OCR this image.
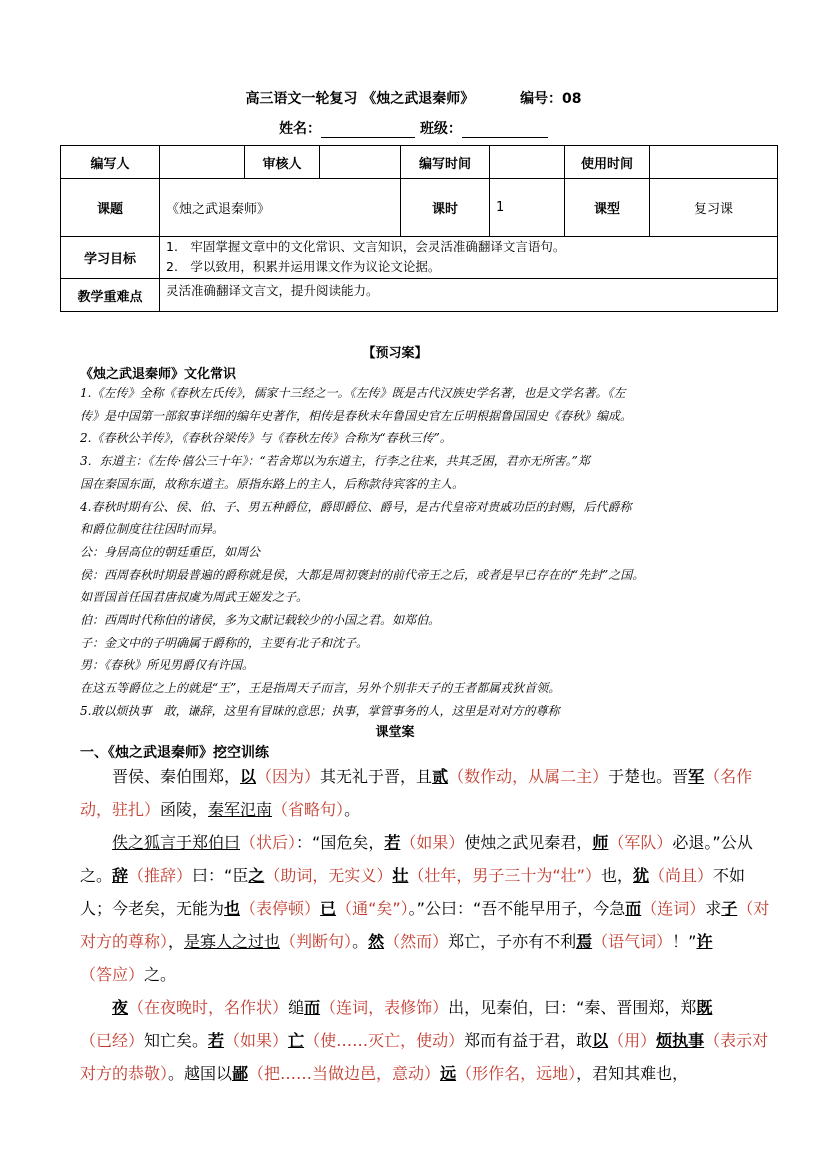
高三语文一轮复习 《烛之武退秦师》	编号：08
姓名：	班级：
编写人		审核人		编写时间		使用时间	
课题	《烛之武退秦师》			课时	1	课型	复习课
学习目标	1.　牢固掌握文章中的文化常识、文言知识，会灵活准确翻译文言语句。
2.　学以致用，积累并运用课文作为议论文论据。						

教学重难点	灵活准确翻译文言文，提升阅读能力。						
【预习案】
《烛之武退秦师》文化常识

1.《左传》全称《春秋左氏传》，儒家十三经之一。《左传》既是古代汉族史学名著，也是文学名著。《左

传》是中国第一部叙事详细的编年史著作，相传是春秋末年鲁国史官左丘明根据鲁国国史《春秋》编成。

2.《春秋公羊传》，《春秋谷梁传》与《春秋左传》合称为“春秋三传”。

3．东道主：《左传·僖公三十年》：“若舍郑以为东道主，行李之往来，共其乏困，君亦无所害。”郑

国在秦国东面，故称东道主。原指东路上的主人，后称款待宾客的主人。

4.春秋时期有公、侯、伯、子、男五种爵位，爵即爵位、爵号，是古代皇帝对贵戚功臣的封赐，后代爵称

和爵位制度往往因时而异。

公：身居高位的朝廷重臣，如周公

侯：西周春秋时期最普遍的爵称就是侯，大都是周初褒封的前代帝王之后，或者是早已存在的“先封”之国。

如晋国首任国君唐叔虞为周武王姬发之子。

伯：西周时代称伯的诸侯，多为文献记载较少的小国之君。如郑伯。

子：金文中的子明确属于爵称的，主要有北子和沈子。

男：《春秋》所见男爵仅有许国。

在这五等爵位之上的就是“王”，王是指周天子而言，另外个别非天子的王者都属戎狄首领。

5.敢以烦执事　敢，谦辞，这里有冒昧的意思；执事，掌管事务的人，这里是对对方的尊称

课堂案
一、《烛之武退秦师》挖空训练

　　晋侯、秦伯围郑，以（因为）其无礼于晋，且贰（数作动，从属二主）于楚也。晋军（名作动，驻扎）函陵，秦军氾南（省略句）。

　　佚之狐言于郑伯曰（状后）：“国危矣，若（如果）使烛之武见秦君，师（军队）必退。”公从之。辞（推辞）曰：“臣之（助词，无实义）壮（壮年，男子三十为“壮”）也，犹（尚且）不如人；今老矣，无能为也（表停顿）已（通“矣”）。”公曰：“吾不能早用子，今急而（连词）求子（对对方的尊称），是寡人之过也（判断句）。然（然而）郑亡，子亦有不利焉（语气词）！”许（答应）之。

　　夜（在夜晚时，名作状）缒而（连词，表修饰）出，见秦伯，曰：“秦、晋围郑，郑既（已经）知亡矣。若（如果）亡（使……灭亡，使动）郑而有益于君，敢以（用）烦执事（表示对对方的恭敬）。越国以鄙（把……当做边邑，意动）远（形作名，远地），君知其难也，
